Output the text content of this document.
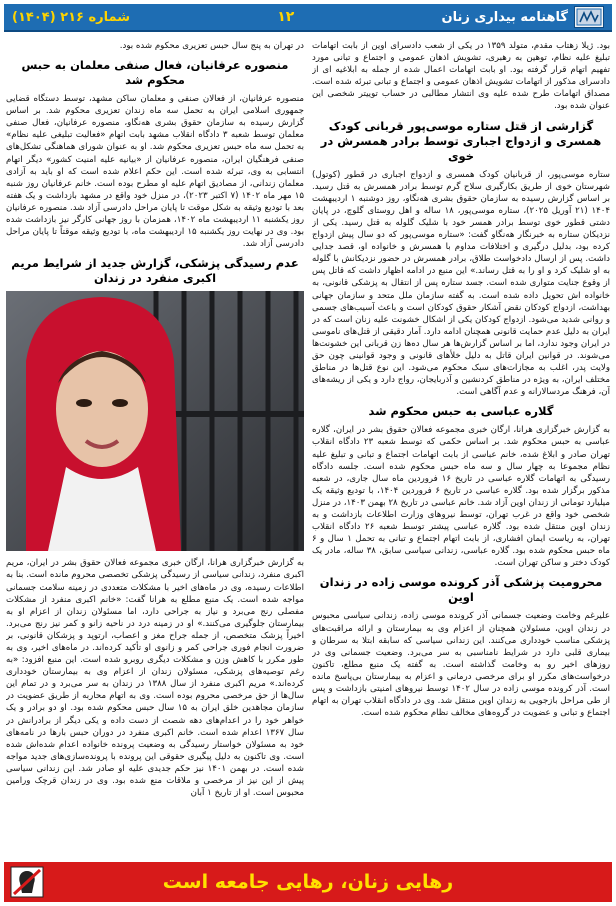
گاهنامه بیداری زنان
۱۲
شماره ۲۱۶ (۱۴۰۴)

بود. ژیلا زهتاب مقدم، متولد ۱۳۵۹ در یکی از شعب دادسرای اوین از بابت اتهامات تبلیغ علیه نظام، توهین به رهبری، تشویش اذهان عمومی و اجتماع و تبانی مورد تفهیم اتهام قرار گرفته بود. او بابت اتهامات اعمال شده از جمله به ابلاغیه ای از دادسرای مذکور از اتهامات تشویش اذهان عمومی و اجتماع و تبانی تبرئه شده است. مصداق اتهامات طرح شده علیه وی انتشار مطالبی در حساب توییتر شخصی این عنوان شده بود.

گزارشی از قتل ستاره موسی‌پور قربانی کودک همسری و ازدواج اجباری توسط برادر همسرش در خوی

ستاره موسی‌پور، از قربانیان کودک همسری و ازدواج اجباری در قطور (کوتول) شهرستان خوی از طریق بکارگیری سلاح گرم توسط برادر همسرش به قتل رسید. بر اساس گزارش رسیده به سازمان حقوق بشری هه‌نگاو، روز دوشنبه ۱ اردیبهشت ۱۴۰۴ (۲۱ آوریل ۲۰۲۵)، ستاره موسی‌پور، ۱۸ ساله و اهل روستای گلوچ، در پایان دشتی قطور خوی توسط برادر همسر خود با شلیک گلوله به قتل رسید. یکی از نزدیکان ستاره به خبرنگار هه‌نگاو گفت: «ستاره موسی‌پور که دو سال پیش ازدواج کرده بود، بدلیل درگیری و اختلافات مداوم با همسرش و خانواده او، قصد جدایی داشت. پس از ارسال دادخواست طلاق، برادر همسرش در حضور نزدیکانش با گلوله به او شلیک کرد و او را به قتل رساند.» این منبع در ادامه اظهار داشت که قاتل پس از وقوع جنایت متواری شده است. جسد ستاره پس از انتقال به پزشکی قانونی، به خانواده اش تحویل داده شده است. به گفته سازمان ملل متحد و سازمان جهانی بهداشت، ازدواج کودکان نقض آشکار حقوق کودکان است و باعث آسیب‌های جسمی و روانی شدید می‌شود. ازدواج کودکان یکی از اشکال خشونت علیه زنان است که در ایران به دلیل عدم حمایت قانونی همچنان ادامه دارد. آمار دقیقی از قتل‌های ناموسی در ایران وجود ندارد، اما بر اساس گزارش‌ها هر سال ده‌ها زن قربانی این خشونت‌ها می‌شوند. در قوانین ایران قاتل به دلیل خلأهای قانونی و وجود قوانینی چون حق ولایت پدر، اغلب به مجازات‌های سبک محکوم می‌شود. این نوع قتل‌ها در مناطق مختلف ایران، به ویژه در مناطق کردنشین و آذربایجان، رواج دارد و یکی از ریشه‌های آن، فرهنگ مردسالارانه و عدم آگاهی است.

گلاره عباسی به حبس محکوم شد

به گزارش خبرگزاری هرانا، ارگان خبری مجموعه فعالان حقوق بشر در ایران، گلاره عباسی به حبس محکوم شد. بر اساس حکمی که توسط شعبه ۲۳ دادگاه انقلاب تهران صادر و ابلاغ شده، خانم عباسی از بابت اتهامات اجتماع و تبانی و تبلیغ علیه نظام مجموعا به چهار سال و سه ماه حبس محکوم شده است. جلسه دادگاه رسیدگی به اتهامات گلاره عباسی در تاریخ ۱۶ فروردین ماه سال جاری، در شعبه مذکور برگزار شده بود. گلاره عباسی در تاریخ ۶ فروردین ۱۴۰۴، با تودیع وثیقه یک میلیارد تومانی از زندان اوین آزاد شد. خانم عباسی در تاریخ ۲۸ بهمن ۱۴۰۳، در منزل شخصی خود واقع در غرب تهران، توسط نیروهای وزارت اطلاعات بازداشت و به زندان اوین منتقل شده بود. گلاره عباسی پیشتر توسط شعبه ۲۶ دادگاه انقلاب تهران، به ریاست ایمان افشاری، از بابت اتهام اجتماع و تبانی به تحمل ۱ سال و ۶ ماه حبس محکوم شده بود. گلاره عباسی، زندانی سیاسی سابق، ۳۸ ساله، مادر یک کودک دختر و ساکن تهران است.

محرومیت پزشکی آذر کرونده موسی زاده در زندان اوین

علیرغم وخامت وضعیت جسمانی آذر کرونده موسی زاده، زندانی سیاسی محبوس در زندان اوین، مسئولان همچنان از اعزام وی به بیمارستان و ارائه مراقبت‌های پزشکی مناسب خودداری می‌کنند. این زندانی سیاسی که سابقه ابتلا به سرطان و بیماری قلبی دارد در شرایط نامناسبی به سر می‌برد. وضعیت جسمانی وی در روزهای اخیر رو به وخامت گذاشته است. به گفته یک منبع مطلع، تاکنون درخواست‌های مکرر او برای مرخصی درمانی و اعزام به بیمارستان بی‌پاسخ مانده است. آذر کرونده موسی زاده در سال ۱۴۰۲ توسط نیروهای امنیتی بازداشت و پس از طی مراحل بازجویی به زندان اوین منتقل شد. وی در دادگاه انقلاب تهران به اتهام اجتماع و تبانی و عضویت در گروه‌های مخالف نظام محکوم شده است.

در تهران به پنج سال حبس تعزیری محکوم شده بود.

منصوره عرفانیان، فعال صنفی معلمان به حبس محکوم شد

منصوره عرفانیان، از فعالان صنفی و معلمان ساکن مشهد، توسط دستگاه قضایی جمهوری اسلامی ایران به تحمل سه ماه زندان تعزیری محکوم شد. بر اساس گزارش رسیده به سازمان حقوق بشری هه‌نگاو، منصوره عرفانیان، فعال صنفی معلمان توسط شعبه ۳ دادگاه انقلاب مشهد بابت اتهام «فعالیت تبلیغی علیه نظام» به تحمل سه ماه حبس تعزیری محکوم شد. او به عنوان شورای هماهنگی تشکل‌های صنفی فرهنگیان ایران، منصوره عرفانیان از «بیانیه علیه امنیت کشور» دیگر اتهام انتسابی به وی، تبرئه شده است. این حکم اعلام شده است که او باید به آزادی معلمان زندانی، از مصادیق اتهام علیه او مطرح بوده است. خانم عرفانیان روز شنبه ۱۵ مهر ماه ۱۴۰۲ (۷ اکتبر ۲۰۲۳)، در منزل خود واقع در مشهد بازداشت و یک هفته بعد با تودیع وثیقه به شکل موقت تا پایان مراحل دادرسی آزاد شد. منصوره عرفانیان روز یکشنبه ۱۱ اردیبهشت ماه ۱۴۰۲، همزمان با روز جهانی کارگر نیز بازداشت شده بود. وی در نهایت روز یکشنبه ۱۵ اردیبهشت ماه، با تودیع وثیقه موقتاً تا پایان مراحل دادرسی آزاد شد.

عدم رسیدگی پزشکی، گزارش جدید از شرایط مریم اکبری منفرد در زندان

به گزارش خبرگزاری هرانا، ارگان خبری مجموعه فعالان حقوق بشر در ایران، مریم اکبری منفرد، زندانی سیاسی از رسیدگی پزشکی تخصصی محروم مانده است. بنا به اطلاعات رسیده، وی در ماه‌های اخیر با مشکلات متعددی در زمینه سلامت جسمانی مواجه شده است. یک منبع مطلع به هرانا گفت: «خانم اکبری منفرد از مشکلات مفصلی رنج می‌برد و نیاز به جراحی دارد، اما مسئولان زندان از اعزام او به بیمارستان جلوگیری می‌کنند.» او در زمینه درد در ناحیه زانو و کمر نیز رنج می‌برد. اخیراً پزشک متخصص، از جمله جراح مغز و اعصاب، ارتوپد و پزشکان قانونی، بر ضرورت انجام فوری جراحی کمر و زانوی او تأکید کرده‌اند. در ماه‌های اخیر، وی به طور مکرر با کاهش وزن و مشکلات دیگری روبرو شده است. این منبع افزود: «به رغم توصیه‌های پزشکی، مسئولان زندان از اعزام وی به بیمارستان خودداری کرده‌اند.» مریم اکبری منفرد از سال ۱۳۸۸ در زندان به سر می‌برد و در تمام این سال‌ها از حق مرخصی محروم بوده است. وی به اتهام محاربه از طریق عضویت در سازمان مجاهدین خلق ایران به ۱۵ سال حبس محکوم شده بود. او دو برادر و یک خواهر خود را در اعدام‌های دهه شصت از دست داده و یکی دیگر از برادرانش در سال ۱۳۶۷ اعدام شده است. خانم اکبری منفرد در دوران حبس بارها در نامه‌های خود به مسئولان خواستار رسیدگی به وضعیت پرونده خانواده اعدام شده‌اش شده است. وی تاکنون به دلیل پیگیری حقوقی این پرونده با پرونده‌سازی‌های جدید مواجه شده است. در بهمن ۱۴۰۱ نیز حکم جدیدی علیه او صادر شد. این زندانی سیاسی پیش از این نیز از مرخصی و ملاقات منع شده بود. وی در زندان قرچک ورامین محبوس است. او از تاریخ ۱ آبان

رهایی زنان، رهایی جامعه است
